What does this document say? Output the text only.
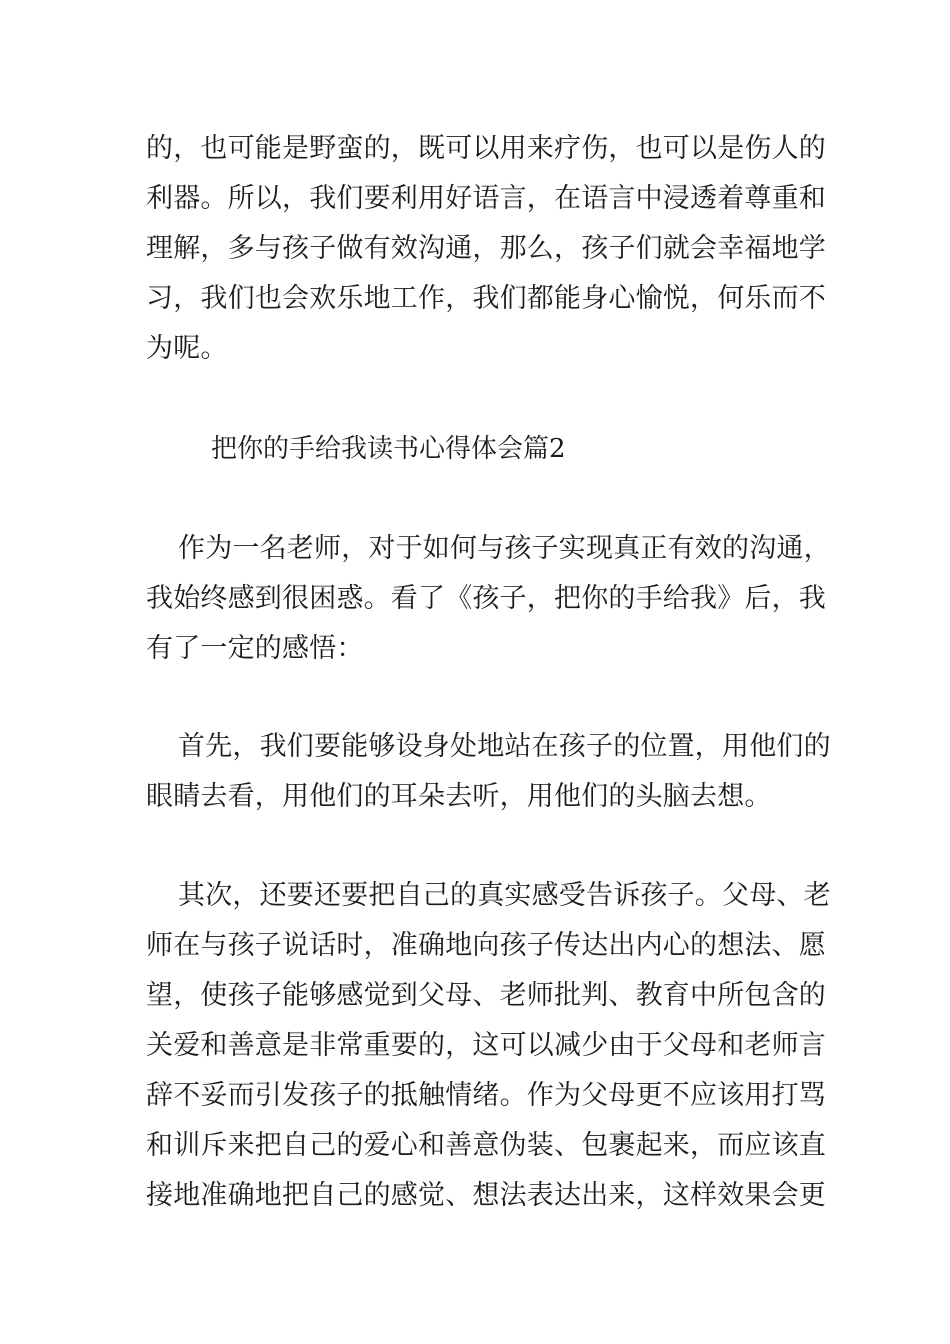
的，也可能是野蛮的，既可以用来疗伤，也可以是伤人的
利器。所以，我们要利用好语言，在语言中浸透着尊重和
理解，多与孩子做有效沟通，那么，孩子们就会幸福地学
习，我们也会欢乐地工作，我们都能身心愉悦，何乐而不
为呢。
把你的手给我读书心得体会篇2
作为一名老师，对于如何与孩子实现真正有效的沟通，
我始终感到很困惑。看了《孩子，把你的手给我》后，我
有了一定的感悟：
首先，我们要能够设身处地站在孩子的位置，用他们的
眼睛去看，用他们的耳朵去听，用他们的头脑去想。
其次，还要还要把自己的真实感受告诉孩子。父母、老
师在与孩子说话时，准确地向孩子传达出内心的想法、愿
望，使孩子能够感觉到父母、老师批判、教育中所包含的
关爱和善意是非常重要的，这可以减少由于父母和老师言
辞不妥而引发孩子的抵触情绪。作为父母更不应该用打骂
和训斥来把自己的爱心和善意伪装、包裹起来，而应该直
接地准确地把自己的感觉、想法表达出来，这样效果会更
